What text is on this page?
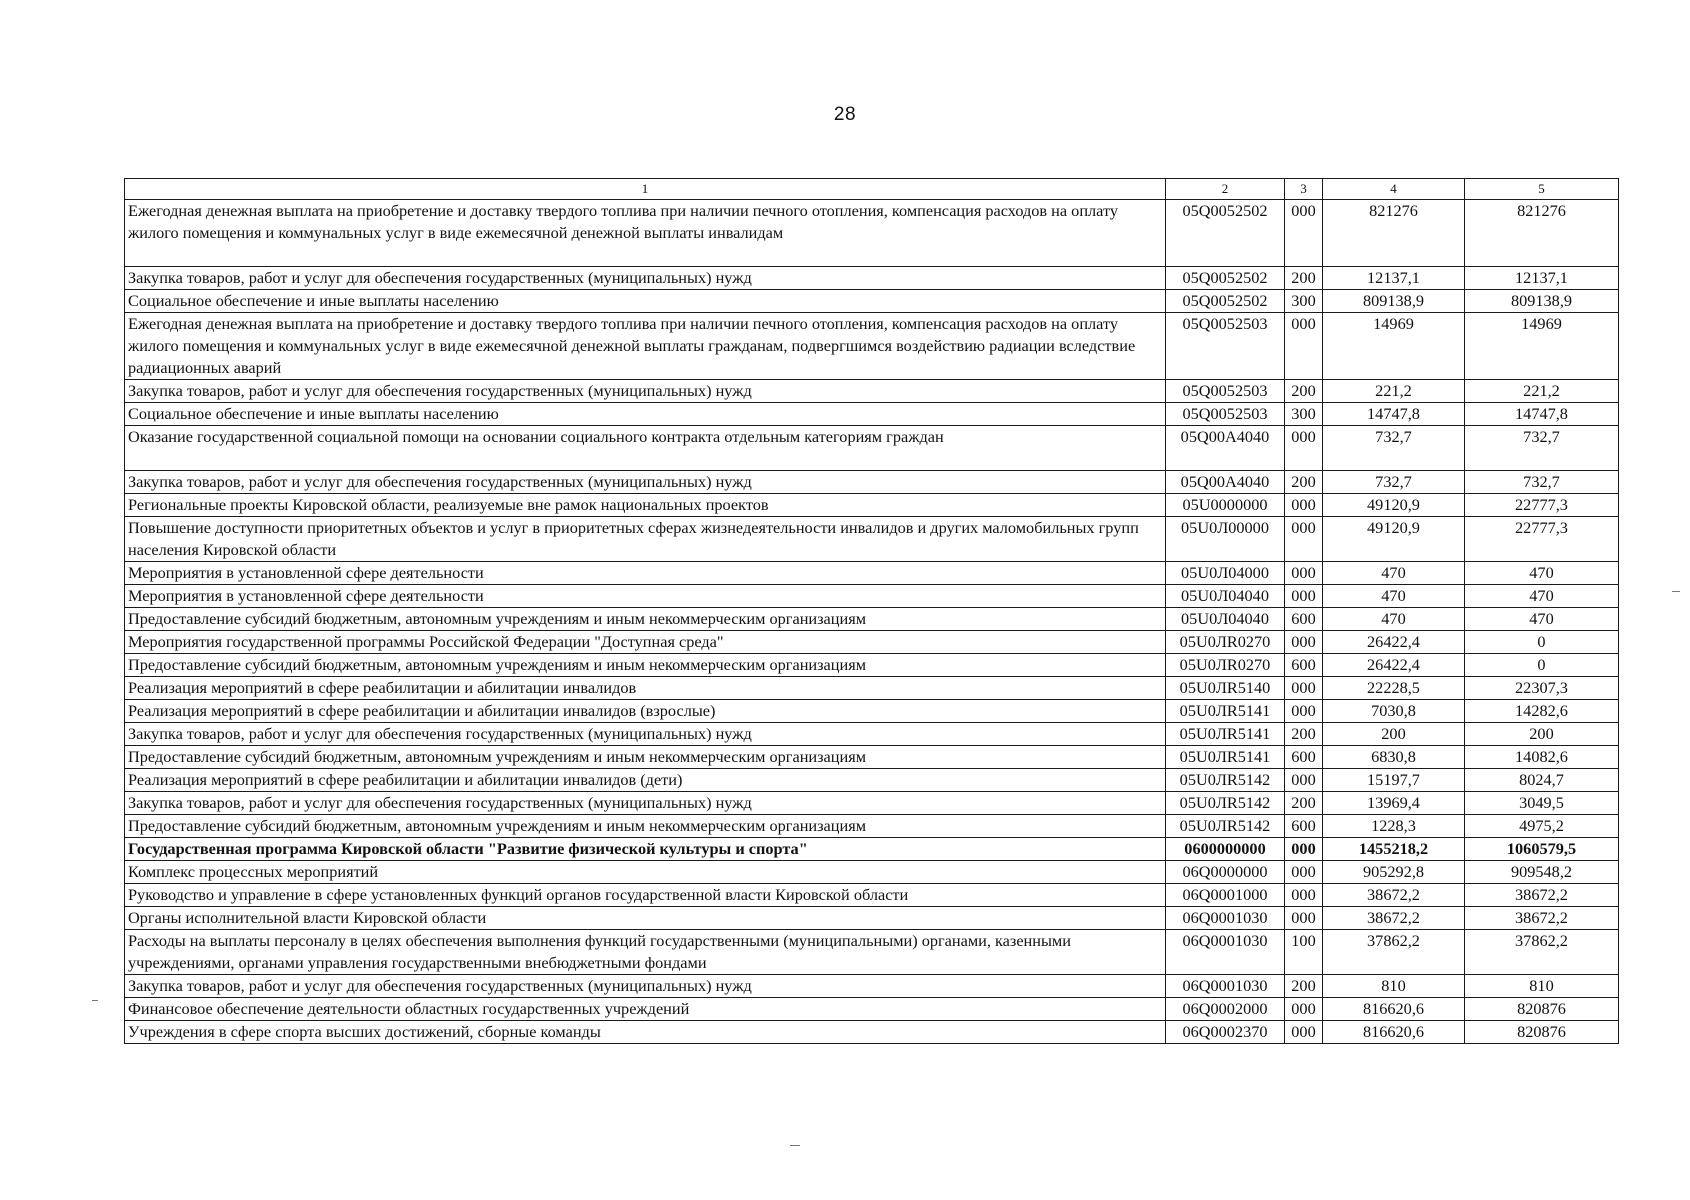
28
1	2	3	4	5
Ежегодная денежная выплата на приобретение и доставку твердого топлива при наличии печного отопления, компенсация расходов на оплату жилого помещения и коммунальных услуг в виде ежемесячной денежной выплаты инвалидам	05Q0052502	000	821276	821276
Закупка товаров, работ и услуг для обеспечения государственных (муниципальных) нужд	05Q0052502	200	12137,1	12137,1
Социальное обеспечение и иные выплаты населению	05Q0052502	300	809138,9	809138,9
Ежегодная денежная выплата на приобретение и доставку твердого топлива при наличии печного отопления, компенсация расходов на оплату жилого помещения и коммунальных услуг в виде ежемесячной денежной выплаты гражданам, подвергшимся воздействию радиации вследствие радиационных аварий	05Q0052503	000	14969	14969
Закупка товаров, работ и услуг для обеспечения государственных (муниципальных) нужд	05Q0052503	200	221,2	221,2
Социальное обеспечение и иные выплаты населению	05Q0052503	300	14747,8	14747,8
Оказание государственной социальной помощи на основании социального контракта отдельным категориям граждан	05Q00A4040	000	732,7	732,7
Закупка товаров, работ и услуг для обеспечения государственных (муниципальных) нужд	05Q00A4040	200	732,7	732,7
Региональные проекты Кировской области, реализуемые вне рамок национальных проектов	05U0000000	000	49120,9	22777,3
Повышение доступности приоритетных объектов и услуг в приоритетных сферах жизнедеятельности инвалидов и других маломобильных групп населения Кировской области	05U0Л00000	000	49120,9	22777,3
Мероприятия в установленной сфере деятельности	05U0Л04000	000	470	470
Мероприятия в установленной сфере деятельности	05U0Л04040	000	470	470
Предоставление субсидий бюджетным, автономным учреждениям и иным некоммерческим организациям	05U0Л04040	600	470	470
Мероприятия государственной программы Российской Федерации "Доступная среда"	05U0ЛR0270	000	26422,4	0
Предоставление субсидий бюджетным, автономным учреждениям и иным некоммерческим организациям	05U0ЛR0270	600	26422,4	0
Реализация мероприятий в сфере реабилитации и абилитации инвалидов	05U0ЛR5140	000	22228,5	22307,3
Реализация мероприятий в сфере реабилитации и абилитации инвалидов (взрослые)	05U0ЛR5141	000	7030,8	14282,6
Закупка товаров, работ и услуг для обеспечения государственных (муниципальных) нужд	05U0ЛR5141	200	200	200
Предоставление субсидий бюджетным, автономным учреждениям и иным некоммерческим организациям	05U0ЛR5141	600	6830,8	14082,6
Реализация мероприятий в сфере реабилитации и абилитации инвалидов (дети)	05U0ЛR5142	000	15197,7	8024,7
Закупка товаров, работ и услуг для обеспечения государственных (муниципальных) нужд	05U0ЛR5142	200	13969,4	3049,5
Предоставление субсидий бюджетным, автономным учреждениям и иным некоммерческим организациям	05U0ЛR5142	600	1228,3	4975,2
Государственная программа Кировской области "Развитие физической культуры и спорта"	0600000000	000	1455218,2	1060579,5
Комплекс процессных мероприятий	06Q0000000	000	905292,8	909548,2
Руководство и управление в сфере установленных функций органов государственной власти Кировской области	06Q0001000	000	38672,2	38672,2
Органы исполнительной власти Кировской области	06Q0001030	000	38672,2	38672,2
Расходы на выплаты персоналу в целях обеспечения выполнения функций государственными (муниципальными) органами, казенными учреждениями, органами управления государственными внебюджетными фондами	06Q0001030	100	37862,2	37862,2
Закупка товаров, работ и услуг для обеспечения государственных (муниципальных) нужд	06Q0001030	200	810	810
Финансовое обеспечение деятельности областных государственных учреждений	06Q0002000	000	816620,6	820876
Учреждения в сфере спорта высших достижений, сборные команды	06Q0002370	000	816620,6	820876
